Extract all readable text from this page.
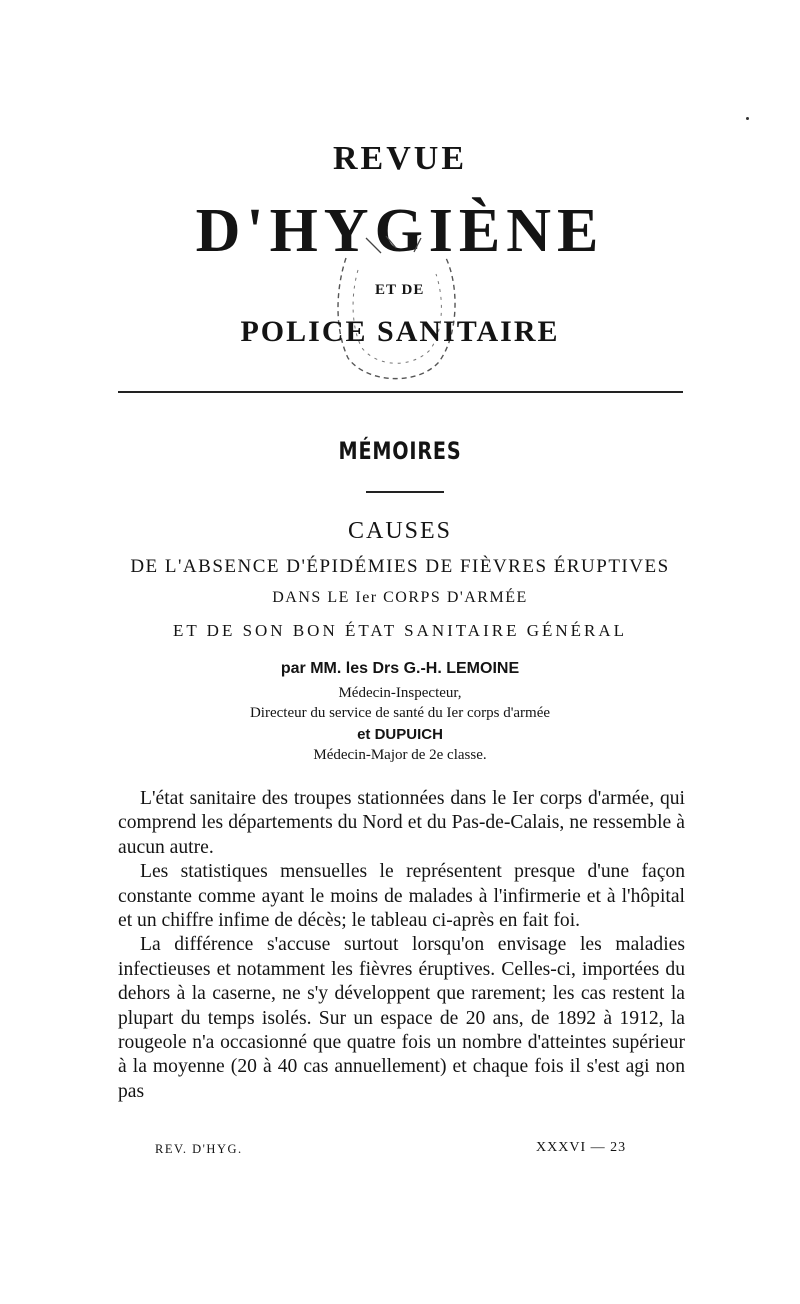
REVUE
D'HYGIÈNE
ET DE
POLICE SANITAIRE
MÉMOIRES
CAUSES
DE L'ABSENCE D'ÉPIDÉMIES DE FIÈVRES ÉRUPTIVES
DANS LE Ier CORPS D'ARMÉE
ET DE SON BON ÉTAT SANITAIRE GÉNÉRAL
par MM. les Drs G.-H. LEMOINE
Médecin-Inspecteur,
Directeur du service de santé du Ier corps d'armée
et DUPUICH
Médecin-Major de 2e classe.

L'état sanitaire des troupes stationnées dans le Ier corps d'armée, qui comprend les départements du Nord et du Pas-de-Calais, ne ressemble à aucun autre.

Les statistiques mensuelles le représentent presque d'une façon constante comme ayant le moins de malades à l'infirmerie et à l'hôpital et un chiffre infime de décès; le tableau ci-après en fait foi.

La différence s'accuse surtout lorsqu'on envisage les maladies infectieuses et notamment les fièvres éruptives. Celles-ci, importées du dehors à la caserne, ne s'y développent que rarement; les cas restent la plupart du temps isolés. Sur un espace de 20 ans, de 1892 à 1912, la rougeole n'a occasionné que quatre fois un nombre d'atteintes supérieur à la moyenne (20 à 40 cas annuellement) et chaque fois il s'est agi non pas

REV. D'HYG.	XXXVI — 23
